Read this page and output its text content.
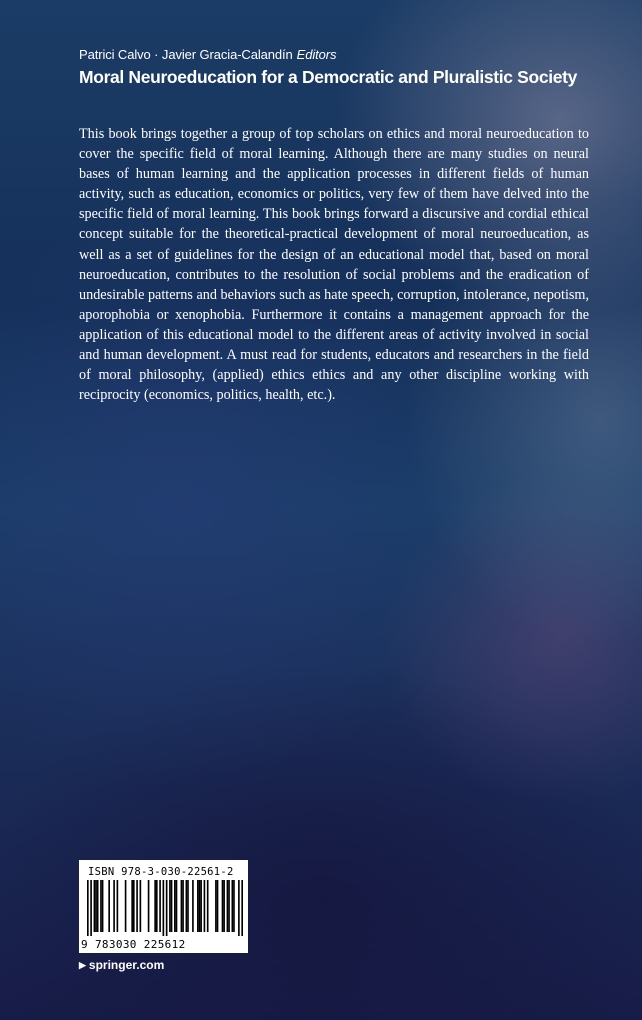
Patrici Calvo · Javier Gracia-Calandín Editors
Moral Neuroeducation for a Democratic and Pluralistic Society

This book brings together a group of top scholars on ethics and moral neuroeducation to cover the specific field of moral learning. Although there are many studies on neural bases of human learning and the application processes in different fields of human activity, such as education, economics or politics, very few of them have delved into the specific field of moral learning. This book brings forward a discursive and cordial ethical concept suitable for the theoretical-practical development of moral neuroeducation, as well as a set of guidelines for the design of an educational model that, based on moral neuroeducation, contributes to the resolution of social problems and the eradication of undesirable patterns and behaviors such as hate speech, corruption, intolerance, nepotism, aporophobia or xenophobia. Furthermore it contains a management approach for the application of this educational model to the different areas of activity involved in social and human development. A must read for students, educators and researchers in the field of moral philosophy, (applied) ethics ethics and any other discipline working with reciprocity (economics, politics, health, etc.).

ISBN 978-3-030-22561-2
9 783030 225612
▶ springer.com
